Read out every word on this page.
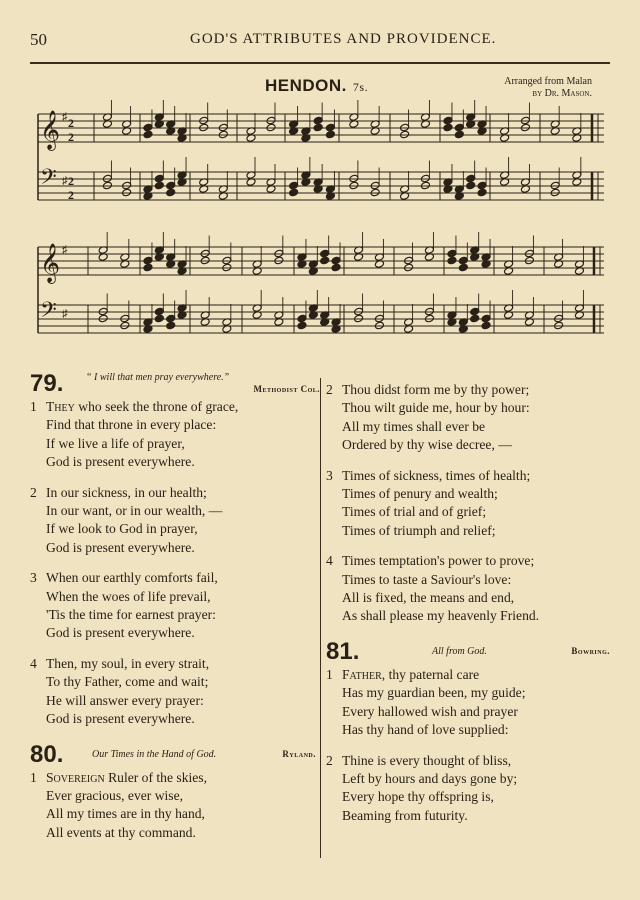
50	GOD'S ATTRIBUTES AND PROVIDENCE.
HENDON. 7s.	Arranged from Malan
by Dr. Mason.
𝄞 ♯ 2
2
𝄢 ♯ 2
2
𝄞 ♯
𝄢 ♯
79. “ I will that men pray everywhere.”
Methodist Col.
1 They who seek the throne of grace,
Find that throne in every place:
If we live a life of prayer,
God is present everywhere.
2 In our sickness, in our health;
In our want, or in our wealth, —
If we look to God in prayer,
God is present everywhere.
3 When our earthly comforts fail,
When the woes of life prevail,
'Tis the time for earnest prayer:
God is present everywhere.
4 Then, my soul, in every strait,
To thy Father, come and wait;
He will answer every prayer:
God is present everywhere.
80.	Our Times in the Hand of God.	Ryland.
1 Sovereign Ruler of the skies,
Ever gracious, ever wise,
All my times are in thy hand,
All events at thy command.
2 Thou didst form me by thy power;
Thou wilt guide me, hour by hour:
All my times shall ever be
Ordered by thy wise decree, —
3 Times of sickness, times of health;
Times of penury and wealth;
Times of trial and of grief;
Times of triumph and relief;
4 Times temptation's power to prove;
Times to taste a Saviour's love:
All is fixed, the means and end,
As shall please my heavenly Friend.
81.	All from God.	Bowring.
1 Father, thy paternal care
Has my guardian been, my guide;
Every hallowed wish and prayer
Has thy hand of love supplied:
2 Thine is every thought of bliss,
Left by hours and days gone by;
Every hope thy offspring is,
Beaming from futurity.
